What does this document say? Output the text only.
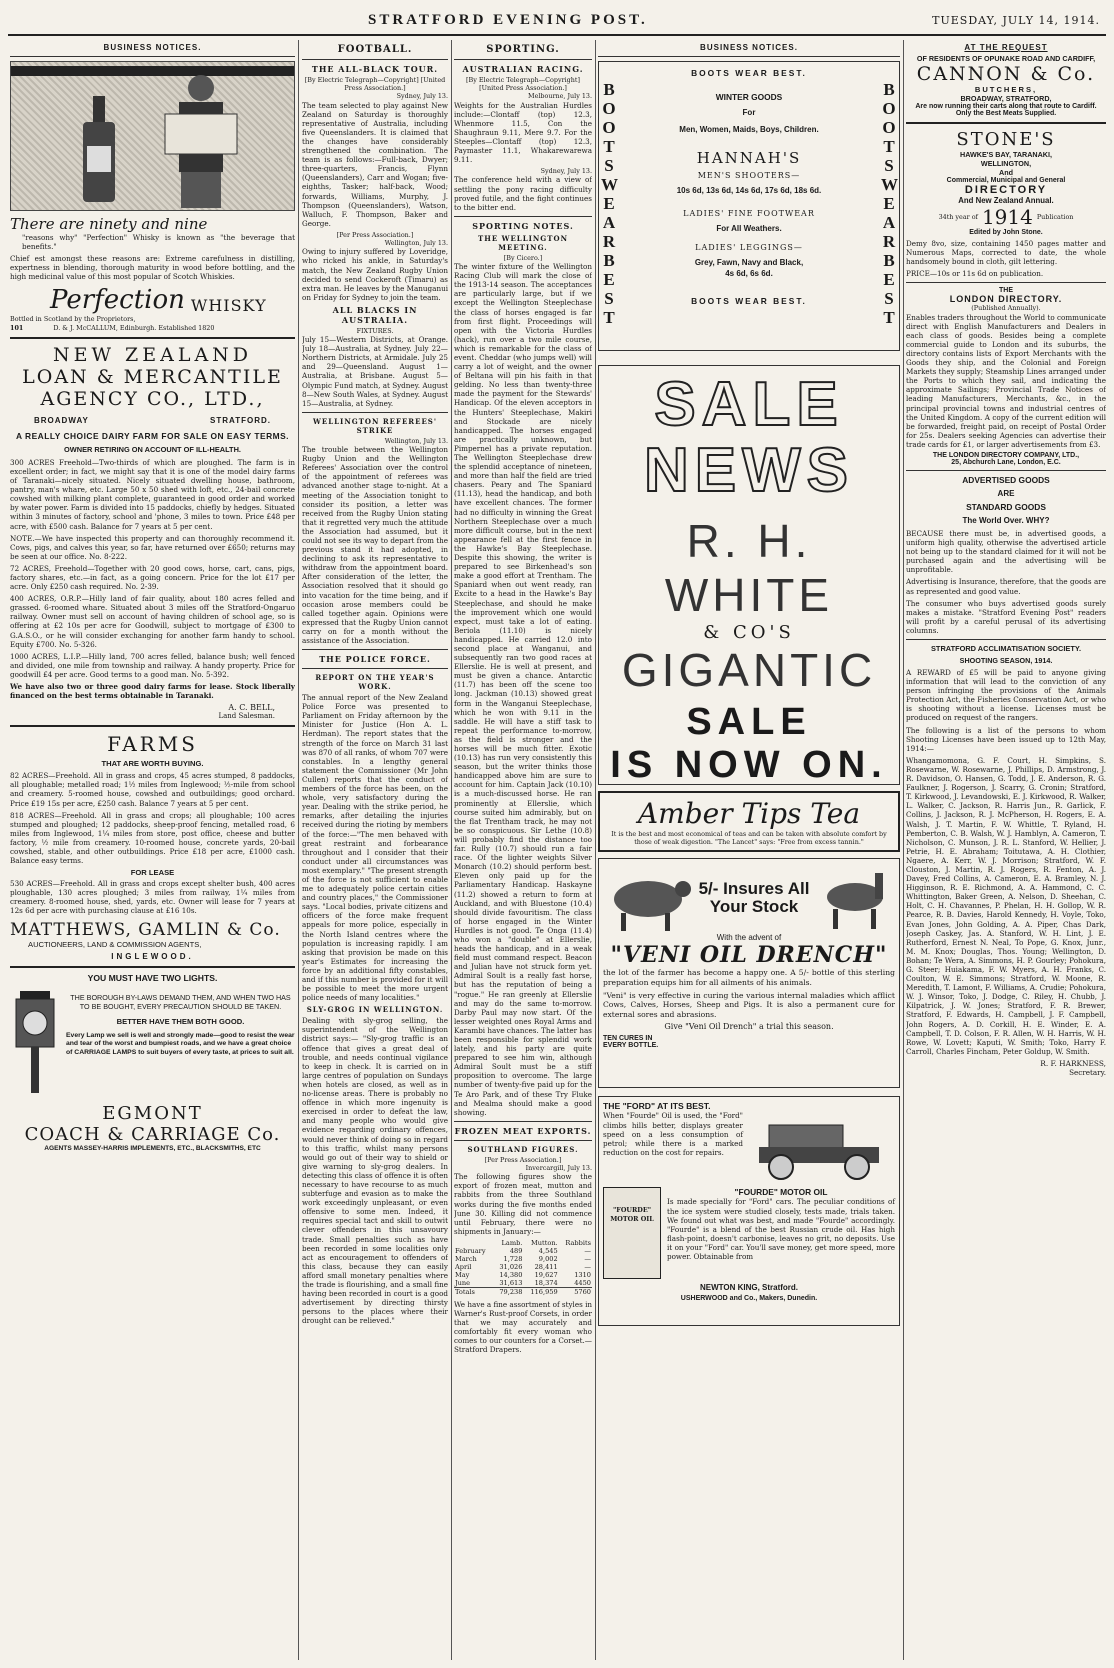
STRATFORD EVENING POST.	TUESDAY, JULY 14, 1914.
BUSINESS NOTICES.
There are ninety and nine
"reasons why" "Perfection" Whisky is known as "the beverage that benefits."
Chief est amongst these reasons are: Extreme carefulness in distilling, expertness in blending, thorough maturity in wood before bottling, and the high medicinal value of this most popular of Scotch Whiskies.
Perfection WHISKY
Bottled in Scotland by the Proprietors,
101	D. & J. McCALLUM, Edinburgh. Established 1820
NEW ZEALAND
LOAN & MERCANTILE
AGENCY CO., LTD.,
BROADWAY	STRATFORD.
A REALLY CHOICE DAIRY FARM FOR SALE ON EASY TERMS.
OWNER RETIRING ON ACCOUNT OF ILL-HEALTH.
300 ACRES Freehold—Two-thirds of which are ploughed. The farm is in excellent order; in fact, we might say that it is one of the model dairy farms of Taranaki—nicely situated. Nicely situated dwelling house, bathroom, pantry, man's whare, etc. Large 50 x 50 shed with loft, etc., 24-bail concrete cowshed with milking plant complete, guaranteed in good order and worked by water power. Farm is divided into 15 paddocks, chiefly by hedges. Situated within 3 minutes of factory, school and 'phone, 3 miles to town. Price £48 per acre, with £500 cash. Balance for 7 years at 5 per cent.
NOTE.—We have inspected this property and can thoroughly recommend it. Cows, pigs, and calves this year, so far, have returned over £650; returns may be seen at our office. No. 8-222.
72 ACRES, Freehold—Together with 20 good cows, horse, cart, cans, pigs, factory shares, etc.—in fact, as a going concern. Price for the lot £17 per acre. Only £250 cash required. No. 2-39.
400 ACRES, O.R.P.—Hilly land of fair quality, about 180 acres felled and grassed. 6-roomed whare. Situated about 3 miles off the Stratford-Ongaruo railway. Owner must sell on account of having children of school age, so is offering at £2 10s per acre for Goodwill, subject to mortgage of £300 to G.A.S.O., or he will consider exchanging for another farm handy to school. Equity £700. No. 5-326.
1000 ACRES, L.I.P.—Hilly land, 700 acres felled, balance bush; well fenced and divided, one mile from township and railway. A handy property. Price for goodwill £4 per acre. Good terms to a good man. No. 5-392.
We have also two or three good dairy farms for lease. Stock liberally financed on the best terms obtainable in Taranaki.
A. C. BELL,
Land Salesman.
FARMS
THAT ARE WORTH BUYING.
82 ACRES—Freehold. All in grass and crops, 45 acres stumped, 8 paddocks, all ploughable; metalled road; 1½ miles from Inglewood; ½-mile from school and creamery. 5-roomed house, cowshed and outbuildings; good orchard. Price £19 15s per acre, £250 cash. Balance 7 years at 5 per cent.
818 ACRES—Freehold. All in grass and crops; all ploughable; 100 acres stumped and ploughed; 12 paddocks, sheep-proof fencing, metalled road, 6 miles from Inglewood, 1¼ miles from store, post office, cheese and butter factory, ½ mile from creamery. 10-roomed house, concrete yards, 20-bail cowshed, stable, and other outbuildings. Price £18 per acre, £1000 cash. Balance easy terms.
FOR LEASE
530 ACRES—Freehold. All in grass and crops except shelter bush, 400 acres ploughable, 130 acres ploughed; 3 miles from railway, 1¼ miles from creamery. 8-roomed house, shed, yards, etc. Owner will lease for 7 years at 12s 6d per acre with purchasing clause at £16 10s.
MATTHEWS, GAMLIN & Co.
AUCTIONEERS, LAND & COMMISSION AGENTS,
INGLEWOOD.
YOU MUST HAVE TWO LIGHTS.
THE BOROUGH BY-LAWS DEMAND THEM, AND WHEN TWO HAS TO BE BOUGHT, EVERY PRECAUTION SHOULD BE TAKEN.
BETTER HAVE THEM BOTH GOOD.
Every Lamp we sell is well and strongly made—good to resist the wear and tear of the worst and bumpiest roads, and we have a great choice of CARRIAGE LAMPS to suit buyers of every taste, at prices to suit all.
EGMONT
COACH & CARRIAGE Co.
AGENTS MASSEY-HARRIS IMPLEMENTS, ETC., BLACKSMITHS, ETC
FOOTBALL.
THE ALL-BLACK TOUR.
[By Electric Telegraph—Copyright] [United Press Association.]
Sydney, July 13.
The team selected to play against New Zealand on Saturday is thoroughly representative of Australia, including five Queenslanders. It is claimed that the changes have considerably strengthened the combination. The team is as follows:—Full-back, Dwyer; three-quarters, Francis, Flynn (Queenslanders), Carr and Wogan; five-eighths, Tasker; half-back, Wood; forwards, Williams, Murphy, J. Thompson (Queenslanders), Watson, Walluch, F. Thompson, Baker and George.
[Per Press Association.]
Wellington, July 13.
Owing to injury suffered by Loveridge, who ricked his ankle, in Saturday's match, the New Zealand Rugby Union decided to send Cockeroft (Timaru) as extra man. He leaves by the Manuganui on Friday for Sydney to join the team.
ALL BLACKS IN AUSTRALIA.
FIXTURES.
July 15—Western Districts, at Orange. July 18—Australia, at Sydney. July 22—Northern Districts, at Armidale. July 25 and 29—Queensland. August 1—Australia, at Brisbane. August 5—Olympic Fund match, at Sydney. August 8—New South Wales, at Sydney. August 15—Australia, at Sydney.
WELLINGTON REFEREES' STRIKE
Wellington, July 13.
The trouble between the Wellington Rugby Union and the Wellington Referees' Association over the control of the appointment of referees was advanced another stage to-night. At a meeting of the Association tonight to consider its position, a letter was received from the Rugby Union stating that it regretted very much the attitude the Association had assumed, but it could not see its way to depart from the previous stand it had adopted, in declining to ask its representative to withdraw from the appointment board. After consideration of the letter, the Association resolved that it should go into vacation for the time being, and if occasion arose members could be called together again. Opinions were expressed that the Rugby Union cannot carry on for a month without the assistance of the Association.
THE POLICE FORCE.
REPORT ON THE YEAR'S WORK.
The annual report of the New Zealand Police Force was presented to Parliament on Friday afternoon by the Minister for Justice (Hon A. L. Herdman). The report states that the strength of the force on March 31 last was 870 of all ranks, of whom 707 were constables. In a lengthy general statement the Commissioner (Mr John Cullen) reports that the conduct of members of the force has been, on the whole, very satisfactory during the year. Dealing with the strike period, he remarks, after detailing the injuries received during the rioting by members of the force:—"The men behaved with great restraint and forbearance throughout and I consider that their conduct under all circumstances was most exemplary." "The present strength of the force is not sufficient to enable me to adequately police certain cities and country places," the Commissioner says. "Local bodies, private citizens and officers of the force make frequent appeals for more police, especially in the North Island centres where the population is increasing rapidly. I am asking that provision be made on this year's Estimates for increasing the force by an additional fifty constables, and if this number is provided for it will be possible to meet the more urgent police needs of many localities."
SLY-GROG IN WELLINGTON.
Dealing with sly-grog selling, the superintendent of the Wellington district says:— "Sly-grog traffic is an offence that gives a great deal of trouble, and needs continual vigilance to keep in check. It is carried on in large centres of population on Sundays when hotels are closed, as well as in no-license areas. There is probably no offence in which more ingenuity is exercised in order to defeat the law, and many people who would give evidence regarding ordinary offences, would never think of doing so in regard to this traffic, whilst many persons would go out of their way to shield or give warning to sly-grog dealers. In detecting this class of offence it is often necessary to have recourse to as much subterfuge and evasion as to make the work exceedingly unpleasant, or even offensive to some men. Indeed, it requires special tact and skill to outwit clever offenders in this unsavoury trade. Small penalties such as have been recorded in some localities only act as encouragement to offenders of this class, because they can easily afford small monetary penalties where the trade is flourishing, and a small fine having been recorded in court is a good advertisement by directing thirsty persons to the places where their drought can be relieved."
SPORTING.
AUSTRALIAN RACING.
[By Electric Telegraph—Copyright] [United Press Association.]
Melbourne, July 13.
Weights for the Australian Hurdles include:—Clontaff (top) 12.3, Whenmore 11.5, Con the Shaughraun 9.11, Mere 9.7. For the Steeples—Clontaff (top) 12.3, Paymaster 11.1, Whakarewarewa 9.11.
Sydney, July 13.
The conference held with a view of settling the pony racing difficulty proved futile, and the fight continues to the bitter end.
SPORTING NOTES.
THE WELLINGTON MEETING.
[By Cicero.]
The winter fixture of the Wellington Racing Club will mark the close of the 1913-14 season. The acceptances are particularly large, but if we except the Wellington Steeplechase the class of horses engaged is far from first flight. Proceedings will open with the Victoria Hurdles (hack), run over a two mile course, which is remarkable for the class of event. Cheddar (who jumps well) will carry a lot of weight, and the owner of Beltana will pin his faith in that gelding. No less than twenty-three made the payment for the Stewards' Handicap. Of the eleven acceptors in the Hunters' Steeplechase, Makiri and Stockade are nicely handicapped. The horses engaged are practically unknown, but Pimpernel has a private reputation. The Wellington Steeplechase drew the splendid acceptance of nineteen, and more than half the field are tried chasers. Peary and The Spaniard (11.13), head the handicap, and both have excellent chances. The former had no difficulty in winning the Great Northern Steeplechase over a much more difficult course, but in the next appearance fell at the first fence in the Hawke's Bay Steeplechase. Despite this showing, the writer is prepared to see Birkenhead's son make a good effort at Trentham. The Spaniard when out went ready, ran Excite to a head in the Hawke's Bay Steeplechase, and should he make the improvement which one would expect, must take a lot of eating. Beriola (11.10) is nicely handicapped. He carried 12.0 into second place at Wanganui, and subsequently ran two good races at Ellerslie. He is well at present, and must be given a chance. Antarctic (11.7) has been off the scene too long. Jackman (10.13) showed great form in the Wanganui Steeplechase, which he won with 9.11 in the saddle. He will have a stiff task to repeat the performance to-morrow, as the field is stronger and the horses will be much fitter. Exotic (10.13) has run very consistently this season, but the writer thinks those handicapped above him are sure to account for him. Captain Jack (10.10) is a much-discussed horse. He ran prominently at Ellerslie, which course suited him admirably, but on the flat Trentham track, he may not be so conspicuous. Sir Lethe (10.8) will probably find the distance too far. Rully (10.7) should run a fair race. Of the lighter weights Silver Monarch (10.2) should perform best. Eleven only paid up for the Parliamentary Handicap. Haskayne (11.2) showed a return to form at Auckland, and with Bluestone (10.4) should divide favouritism. The class of horse engaged in the Winter Hurdles is not good. Te Onga (11.4) who won a "double" at Ellerslie, heads the handicap, and in a weak field must command respect. Beacon and Julian have not struck form yet. Admiral Soult is a really fast horse, but has the reputation of being a "rogue." He ran greenly at Ellerslie and may do the same to-morrow. Darby Paul may now start. Of the lesser weighted ones Royal Arms and Karambi have chances. The latter has been responsible for splendid work lately, and his party are quite prepared to see him win, although Admiral Soult must be a stiff proposition to overcome. The large number of twenty-five paid up for the Te Aro Park, and of these Try Fluke and Mealma should make a good showing.
FROZEN MEAT EXPORTS.
SOUTHLAND FIGURES.
[Per Press Association.]
Invercargill, July 13.
The following figures show the export of frozen meat, mutton and rabbits from the three Southland works during the five months ended June 30. Killing did not commence until February, there were no shipments in January:—
	Lamb.	Mutton.	Rabbits
February	489	4,545	—
March	1,728	9,002	—
April	31,026	28,411	—
May	14,380	19,627	1310
June	31,613	18,374	4450
Totals	79,238	116,959	5760
We have a fine assortment of styles in Warner's Rust-proof Corsets, in order that we may accurately and comfortably fit every woman who comes to our counters for a Corset.—Stratford Drapers.
BUSINESS NOTICES.
B
O
O
T
S
W
E
A
R
B
E
S
T
B
O
O
T
S
W
E
A
R
B
E
S
T
BOOTS WEAR BEST.
WINTER GOODS
For
Men, Women, Maids, Boys, Children.
HANNAH'S
MEN'S SHOOTERS—
10s 6d, 13s 6d, 14s 6d, 17s 6d, 18s 6d.
LADIES' FINE FOOTWEAR
For All Weathers.
LADIES' LEGGINGS—
Grey, Fawn, Navy and Black,
4s 6d, 6s 6d.
BOOTS WEAR BEST.
SALE
NEWS
R. H. WHITE
& CO'S
GIGANTIC
SALE
IS NOW ON.
Amber Tips Tea
It is the best and most economical of teas and can be taken with absolute comfort by those of weak digestion. "The Lancet" says: "Free from excess tannin."
5/- Insures All Your Stock
With the advent of
"VENI OIL DRENCH"
the lot of the farmer has become a happy one. A 5/- bottle of this sterling preparation equips him for all ailments of his animals.
"Veni" is very effective in curing the various internal maladies which afflict Cows, Calves, Horses, Sheep and Pigs. It is also a permanent cure for external sores and abrasions.
Give "Veni Oil Drench" a trial this season.
TEN CURES IN EVERY BOTTLE.
THE "FORD" AT ITS BEST.
When "Fourde" Oil is used, the "Ford" climbs hills better, displays greater speed on a less consumption of petrol; while there is a marked reduction on the cost for repairs.
"FOURDE" MOTOR OIL
"FOURDE" MOTOR OIL
Is made specially for "Ford" cars. The peculiar conditions of the ice system were studied closely, tests made, trials taken. We found out what was best, and made "Fourde" accordingly. "Fourde" is a blend of the best Russian crude oil. Has high flash-point, doesn't carbonise, leaves no grit, no deposits. Use it on your "Ford" car. You'll save money, get more speed, more power. Obtainable from
NEWTON KING, Stratford.
USHERWOOD and Co., Makers, Dunedin.
AT THE REQUEST
OF RESIDENTS OF OPUNAKE ROAD AND CARDIFF,
CANNON & Co.
BUTCHERS,
BROADWAY, STRATFORD,
Are now running their carts along that route to Cardiff.
Only the Best Meats Supplied.
STONE'S
HAWKE'S BAY, TARANAKI, WELLINGTON,
And
Commercial, Municipal and General
DIRECTORY
And New Zealand Annual.
34th year of 1914 Publication
Edited by John Stone.
Demy 8vo, size, containing 1450 pages matter and Numerous Maps, corrected to date, the whole handsomely bound in cloth, gilt lettering.
PRICE—10s or 11s 6d on publication.
THE
LONDON DIRECTORY.
(Published Annually).
Enables traders throughout the World to communicate direct with English Manufacturers and Dealers in each class of goods. Besides being a complete commercial guide to London and its suburbs, the directory contains lists of Export Merchants with the Goods they ship, and the Colonial and Foreign Markets they supply; Steamship Lines arranged under the Ports to which they sail, and indicating the approximate Sailings; Provincial Trade Notices of leading Manufacturers, Merchants, &c., in the principal provincial towns and industrial centres of the United Kingdom. A copy of the current edition will be forwarded, freight paid, on receipt of Postal Order for 25s. Dealers seeking Agencies can advertise their trade cards for £1, or larger advertisements from £3.
THE LONDON DIRECTORY COMPANY, LTD.,
25, Abchurch Lane, London, E.C.
ADVERTISED GOODS
ARE
STANDARD GOODS
The World Over. WHY?
BECAUSE there must be, in advertised goods, a uniform high quality, otherwise the advertised article not being up to the standard claimed for it will not be purchased again and the advertising will be unprofitable.
Advertising is Insurance, therefore, that the goods are as represented and good value.
The consumer who buys advertised goods surely makes a mistake. "Stratford Evening Post" readers will profit by a careful perusal of its advertising columns.
STRATFORD ACCLIMATISATION SOCIETY.
SHOOTING SEASON, 1914.
A REWARD of £5 will be paid to anyone giving information that will lead to the conviction of any person infringing the provisions of the Animals Protection Act, the Fisheries Conservation Act, or who is shooting without a license. Licenses must be produced on request of the rangers.
The following is a list of the persons to whom Shooting Licenses have been issued up to 12th May, 1914:—
Whangamomona, G. F. Court, H. Simpkins, S. Rosewarne, W. Rosewarne, J. Phillips, D. Armstrong, J. R. Davidson, O. Hansen, G. Todd, J. E. Anderson, R. G. Faulkner, J. Rogerson, J. Scarry, G. Cronin; Stratford, T. Kirkwood, J. Levandowski, E. J. Kirkwood, R. Walker, L. Walker, C. Jackson, R. Harris Jun., R. Garlick, F. Collins, J. Jackson, R. J. McPherson, H. Rogers, E. A. Walsh, J. T. Martin, F. W. Whittle, T. Ryland, H. Pemberton, C. B. Walsh, W. J. Hamblyn, A. Cameron, T. Nicholson, C. Munson, J. R. L. Stanford, W. Hellier, J. Petrie, H. E. Abraham; Toitutawa, A. H. Clothier, Ngaere, A. Kerr, W. J. Morrison; Stratford, W. F. Clouston, J. Martin, R. J. Rogers, R. Fenton, A. J. Davey, Fred Collins, A. Cameron, E. A. Bramley, N. J. Higginson, R. E. Richmond, A. A. Hammond, C. C. Whittington, Baker Green, A. Nelson, D. Sheehan, C. Holt, C. H. Chavannes, P. Phelan, H. H. Gollop, W. R. Pearce, R. B. Davies, Harold Kennedy, H. Voyle, Toko, Evan Jones, John Golding, A. A. Piper, Chas Dark, Joseph Caskey, Jas. A. Stanford, W. H. Lint, J. E. Rutherford, Ernest N. Neal, To Pope, G. Knox, Junr., M. M. Knox; Douglas, Thos. Young; Wellington, D. Bohan; Te Wera, A. Simmons, H. P. Gourley; Pohokura, G. Steer; Huiakama, F. W. Myers, A. H. Franks, C. Coulton, W. E. Simmons; Stratford, W. Moone, R. Meredith, T. Lamont, F. Williams, A. Crudie; Pohokura, W. J. Winsor, Toko, J. Dodge, C. Riley, H. Chubb, J. Kilpatrick, J. W. Jones; Stratford, F. R. Brewer, Stratford, F. Edwards, H. Campbell, J. F. Campbell, John Rogers, A. D. Corkill, H. E. Winder, E. A. Campbell, T. D. Colson, F. R. Allen, W. H. Harris, W. H. Rowe, W. Lovett; Kaputi, W. Smith; Toko, Harry F. Carroll, Charles Fincham, Peter Goldup, W. Smith.
R. F. HARKNESS,
Secretary.
